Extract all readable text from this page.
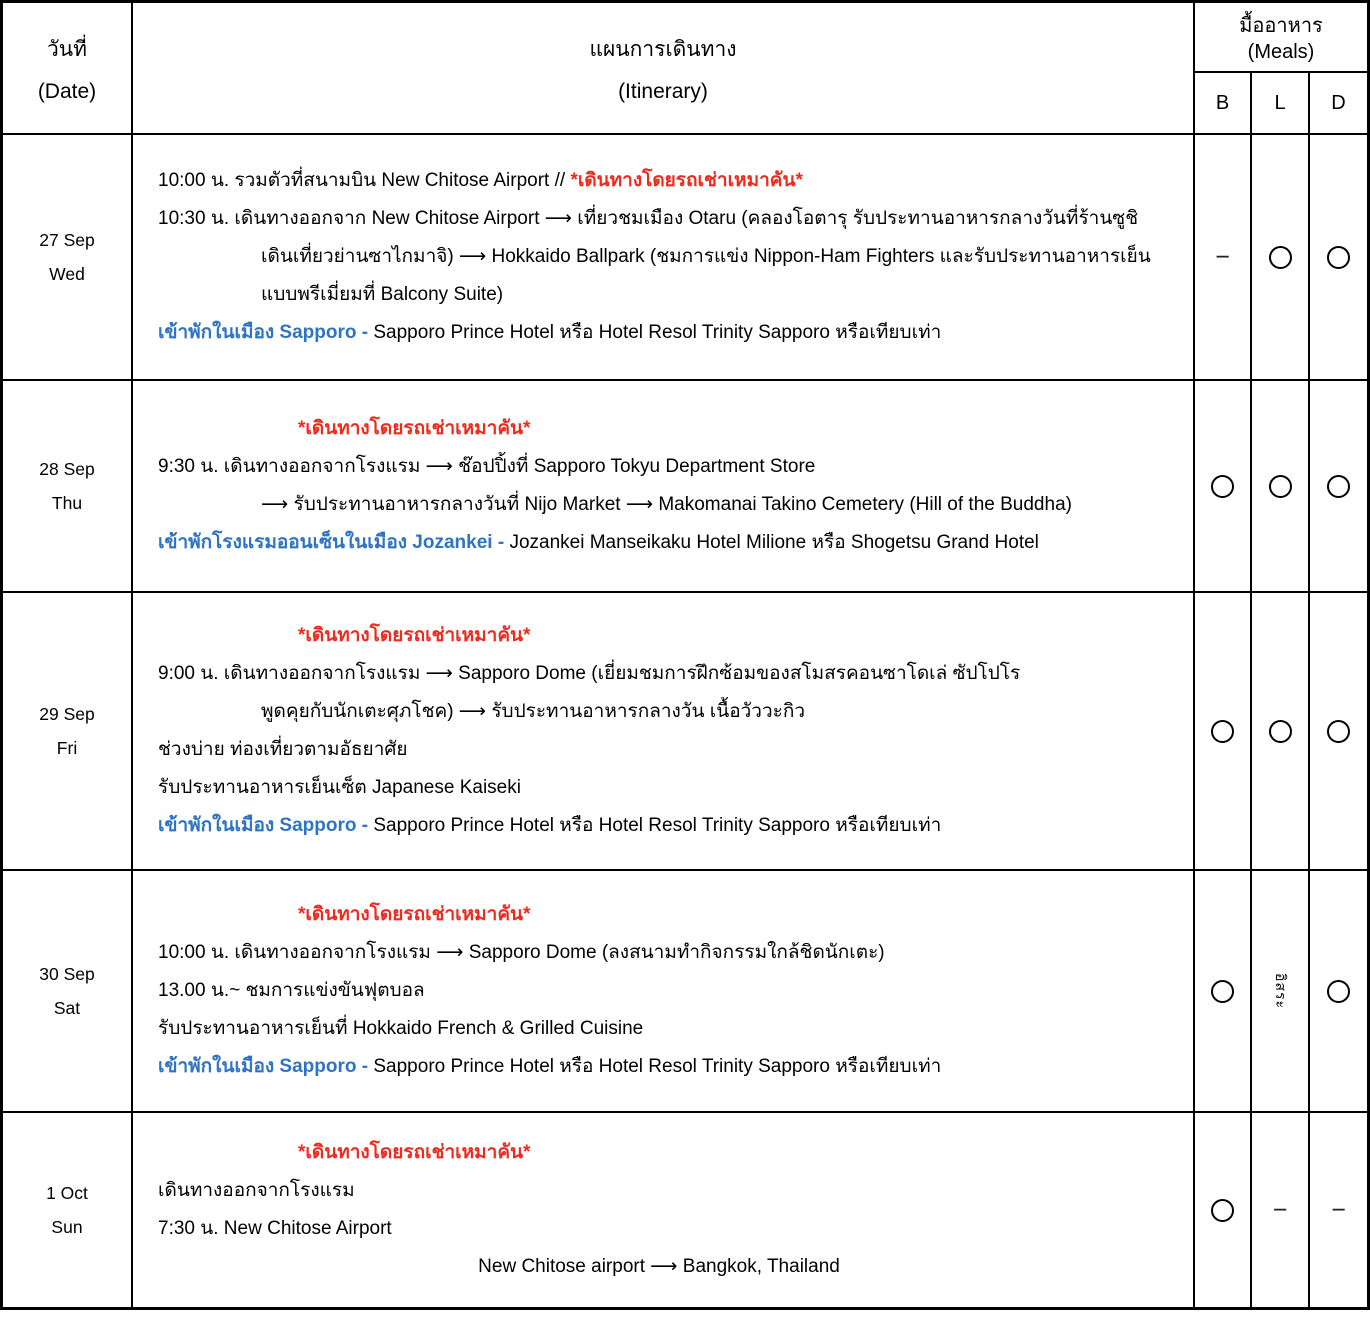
วันที่
(Date)
แผนการเดินทาง
(Itinerary)
มื้ออาหาร
(Meals)
B	L	D
27 Sep
Wed
10:00 น. รวมตัวที่สนามบิน New Chitose Airport // *เดินทางโดยรถเช่าเหมาคัน*
10:30 น. เดินทางออกจาก New Chitose Airport ⟶ เที่ยวชมเมือง Otaru (คลองโอตารุ รับประทานอาหารกลางวันที่ร้านซูชิ
เดินเที่ยวย่านซาไกมาจิ) ⟶ Hokkaido Ballpark (ชมการแข่ง Nippon-Ham Fighters และรับประทานอาหารเย็น
แบบพรีเมี่ยมที่ Balcony Suite)
เข้าพักในเมือง Sapporo - Sapporo Prince Hotel หรือ Hotel Resol Trinity Sapporo หรือเทียบเท่า
−
28 Sep
Thu
*เดินทางโดยรถเช่าเหมาคัน*
9:30 น. เดินทางออกจากโรงแรม ⟶ ช๊อปปิ้งที่ Sapporo Tokyu Department Store
⟶ รับประทานอาหารกลางวันที่ Nijo Market ⟶ Makomanai Takino Cemetery (Hill of the Buddha)
เข้าพักโรงแรมออนเซ็นในเมือง Jozankei - Jozankei Manseikaku Hotel Milione หรือ Shogetsu Grand Hotel
29 Sep
Fri
*เดินทางโดยรถเช่าเหมาคัน*
9:00 น. เดินทางออกจากโรงแรม ⟶ Sapporo Dome (เยี่ยมชมการฝึกซ้อมของสโมสรคอนซาโดเล่ ซัปโปโร
พูดคุยกับนักเตะศุภโชค) ⟶ รับประทานอาหารกลางวัน เนื้อวัววะกิว
ช่วงบ่าย ท่องเที่ยวตามอัธยาศัย
รับประทานอาหารเย็นเซ็ต Japanese Kaiseki
เข้าพักในเมือง Sapporo - Sapporo Prince Hotel หรือ Hotel Resol Trinity Sapporo หรือเทียบเท่า
30 Sep
Sat
*เดินทางโดยรถเช่าเหมาคัน*
10:00 น. เดินทางออกจากโรงแรม ⟶ Sapporo Dome (ลงสนามทำกิจกรรมใกล้ชิดนักเตะ)
13.00 น.~ ชมการแข่งขันฟุตบอล
รับประทานอาหารเย็นที่ Hokkaido French & Grilled Cuisine
เข้าพักในเมือง Sapporo - Sapporo Prince Hotel หรือ Hotel Resol Trinity Sapporo หรือเทียบเท่า
อิสระ
1 Oct
Sun
*เดินทางโดยรถเช่าเหมาคัน*
เดินทางออกจากโรงแรม
7:30 น. New Chitose Airport
New Chitose airport ⟶ Bangkok, Thailand
− −
